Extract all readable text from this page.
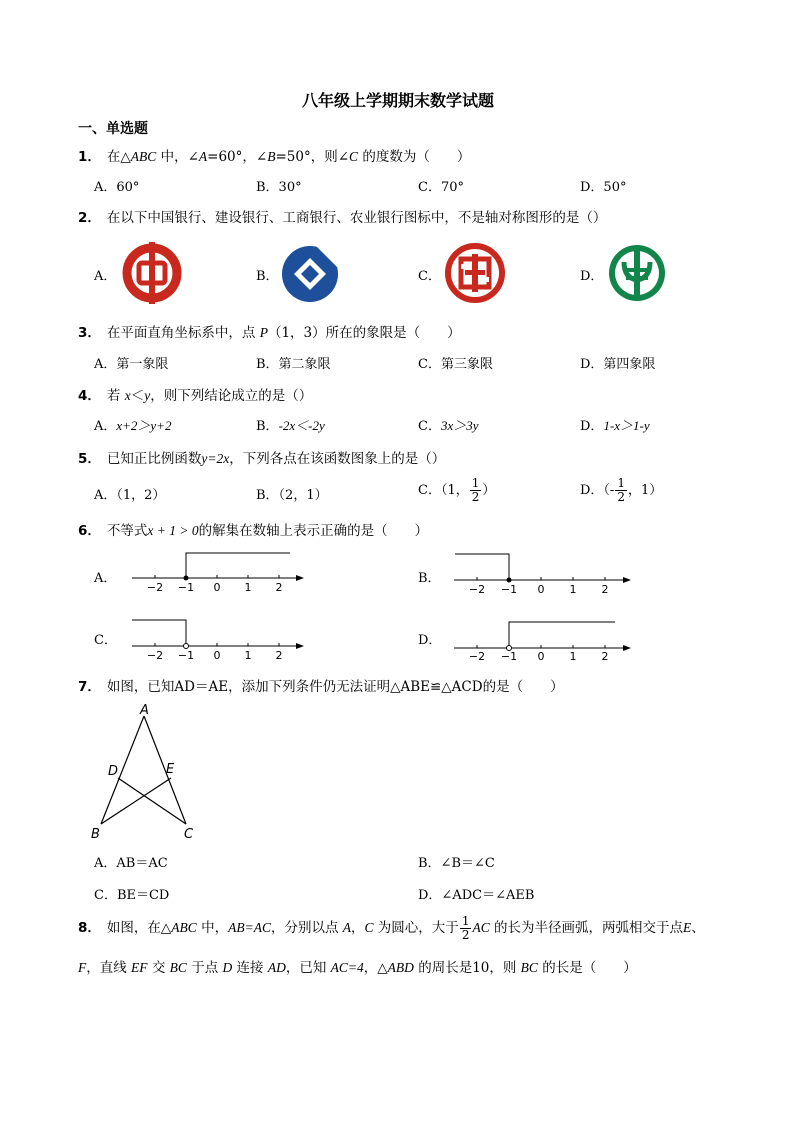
八年级上学期期末数学试题
一、单选题
1． 在△ABC 中，∠A=60°，∠B=50°，则∠C 的度数为（　　）
A．60°	B．30°	C．70°	D．50°
2． 在以下中国银行、建设银行、工商银行、农业银行图标中，不是轴对称图形的是（）
A．	B．	C．	D．
3． 在平面直角坐标系中，点 P（1，3）所在的象限是（　　）
A．第一象限	B．第二象限	C．第三象限	D．第四象限
4． 若 x＜y，则下列结论成立的是（）
A．x+2＞y+2	B．-2x＜-2y	C．3x＞3y	D．1-x＞1-y
5． 已知正比例函数y=2x，下列各点在该函数图象上的是（）
A．（1，2）	B．（2，1）	C．（1， $\frac{1}{2}$ ）	D．（- $\frac{1}{2}$ ，1）
6． 不等式x + 1 > 0的解集在数轴上表示正确的是（　　）
A．	B．
C．	D．
−2 −1 0 1 2	−2 −1 0 1 2
−2 −1 0 1 2	−2 −1 0 1 2
7． 如图，已知AD＝AE，添加下列条件仍无法证明△ABE≌△ACD的是（　　）
A
B	C
D	E
A．AB＝AC	B．∠B＝∠C
C．BE＝CD	D．∠ADC＝∠AEB
8． 如图，在△ABC 中，AB=AC，分别以点 A，C 为圆心，大于 $\frac{1}{2}$ AC 的长为半径画弧，两弧相交于点E、
F，直线 EF 交 BC 于点 D 连接 AD，已知 AC=4，△ABD 的周长是10，则 BC 的长是（　　）
